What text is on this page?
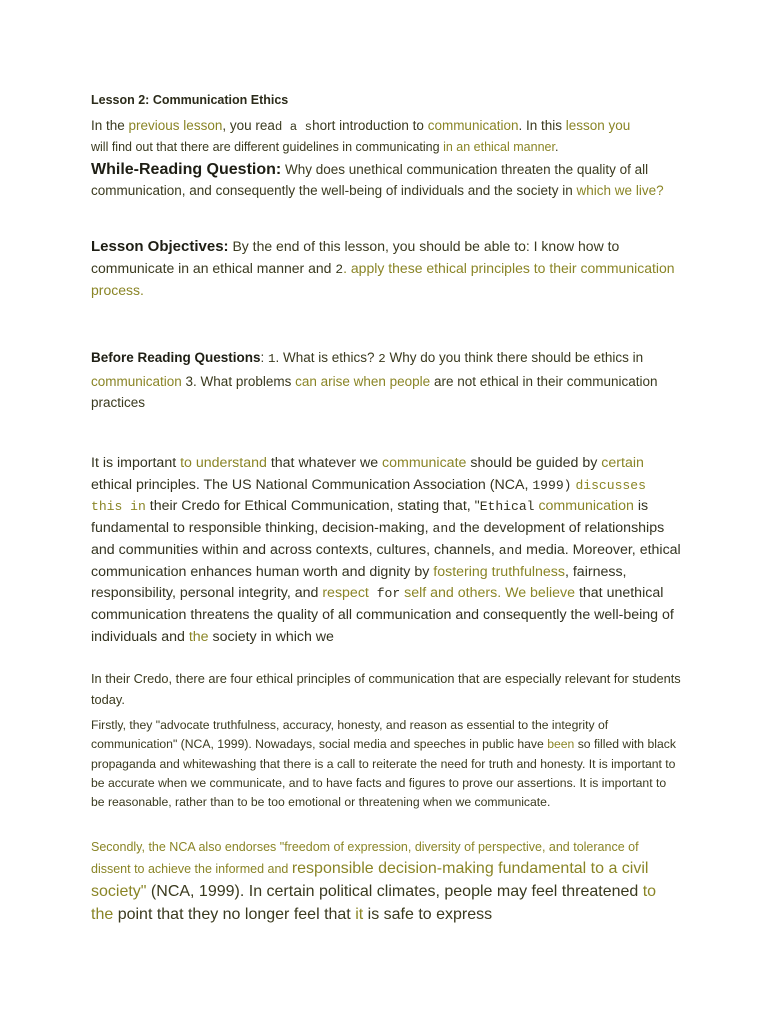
Lesson 2: Communication Ethics

In the previous lesson, you read a short introduction to communication. In this lesson you
will find out that there are different guidelines in communicating in an ethical manner.

While-Reading Question: Why does unethical communication threaten the quality of all communication, and consequently the well-being of individuals and the society in which we live?

Lesson Objectives: By the end of this lesson, you should be able to: I know how to communicate in an ethical manner and 2. apply these ethical principles to their communication process.

Before Reading Questions: 1. What is ethics? 2 Why do you think there should be ethics in communication 3. What problems can arise when people are not ethical in their communication practices

It is important to understand that whatever we communicate should be guided by certain ethical principles. The US National Communication Association (NCA, 1999) discusses this in their Credo for Ethical Communication, stating that, "Ethical communication is fundamental to responsible thinking, decision-making, and the development of relationships and communities within and across contexts, cultures, channels, and media. Moreover, ethical communication enhances human worth and dignity by fostering truthfulness, fairness, responsibility, personal integrity, and respect for self and others. We believe that unethical communication threatens the quality of all communication and consequently the well-being of individuals and the society in which we

In their Credo, there are four ethical principles of communication that are especially relevant for students today.

Firstly, they "advocate truthfulness, accuracy, honesty, and reason as essential to the integrity of communication" (NCA, 1999). Nowadays, social media and speeches in public have been so filled with black propaganda and whitewashing that there is a call to reiterate the need for truth and honesty. It is important to be accurate when we communicate, and to have facts and figures to prove our assertions. It is important to be reasonable, rather than to be too emotional or threatening when we communicate.

Secondly, the NCA also endorses "freedom of expression, diversity of perspective, and tolerance of dissent to achieve the informed and responsible decision-making fundamental to a civil society" (NCA, 1999). In certain political climates, people may feel threatened to the point that they no longer feel that it is safe to express
